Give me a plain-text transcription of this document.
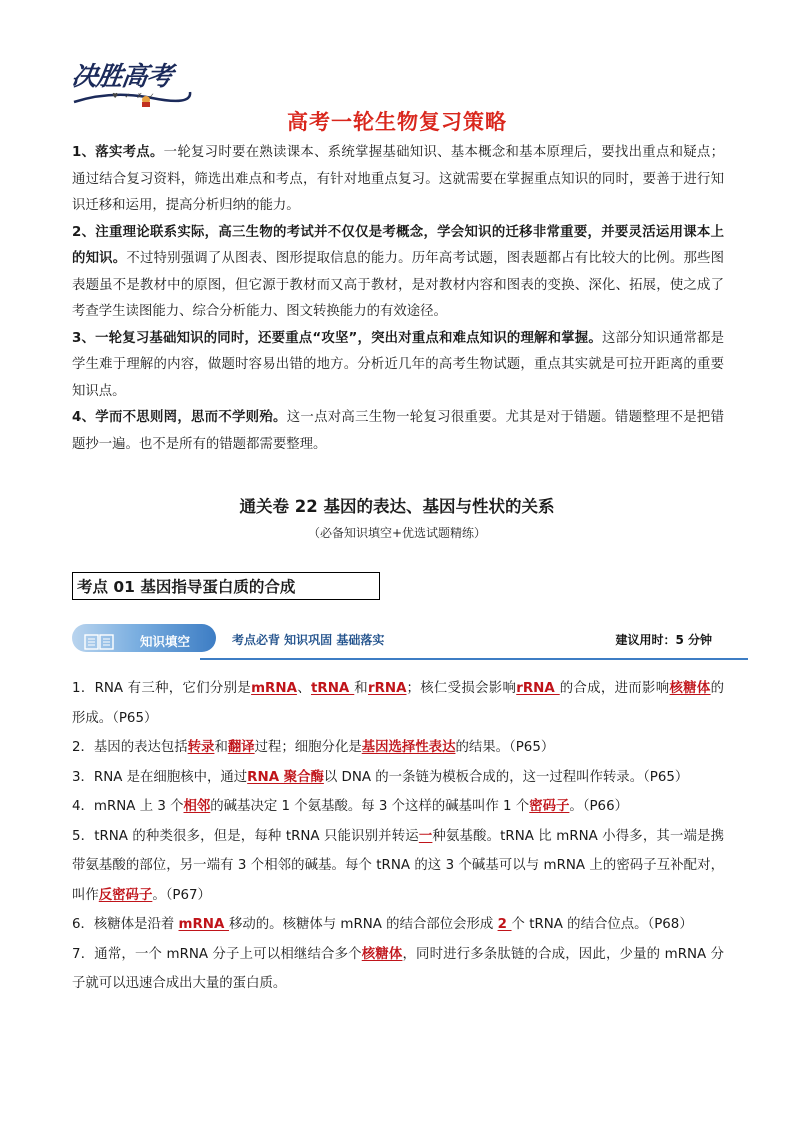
决胜高考
♥ ✓ ✗ ✓
高考一轮生物复习策略

1、落实考点。一轮复习时要在熟读课本、系统掌握基础知识、基本概念和基本原理后，要找出重点和疑点；通过结合复习资料，筛选出难点和考点，有针对地重点复习。这就需要在掌握重点知识的同时，要善于进行知识迁移和运用，提高分析归纳的能力。

2、注重理论联系实际，高三生物的考试并不仅仅是考概念，学会知识的迁移非常重要，并要灵活运用课本上的知识。不过特别强调了从图表、图形提取信息的能力。历年高考试题，图表题都占有比较大的比例。那些图表题虽不是教材中的原图，但它源于教材而又高于教材，是对教材内容和图表的变换、深化、拓展，使之成了考查学生读图能力、综合分析能力、图文转换能力的有效途径。

3、一轮复习基础知识的同时，还要重点“攻坚”，突出对重点和难点知识的理解和掌握。这部分知识通常都是学生难于理解的内容，做题时容易出错的地方。分析近几年的高考生物试题，重点其实就是可拉开距离的重要知识点。

4、学而不思则罔，思而不学则殆。这一点对高三生物一轮复习很重要。尤其是对于错题。错题整理不是把错题抄一遍。也不是所有的错题都需要整理。

通关卷 22 基因的表达、基因与性状的关系
（必备知识填空+优选试题精练）
考点 01 基因指导蛋白质的合成
知识填空	考点必背 知识巩固 基础落实	建议用时：5 分钟

1．RNA 有三种，它们分别是mRNA、tRNA 和rRNA；核仁受损会影响rRNA 的合成，进而影响核糖体的形成。（P65）

2．基因的表达包括转录和翻译过程；细胞分化是基因选择性表达的结果。（P65）

3．RNA 是在细胞核中，通过RNA 聚合酶以 DNA 的一条链为模板合成的，这一过程叫作转录。（P65）

4．mRNA 上 3 个相邻的碱基决定 1 个氨基酸。每 3 个这样的碱基叫作 1 个密码子。（P66）

5．tRNA 的种类很多，但是，每种 tRNA 只能识别并转运一种氨基酸。tRNA 比 mRNA 小得多，其一端是携带氨基酸的部位，另一端有 3 个相邻的碱基。每个 tRNA 的这 3 个碱基可以与 mRNA 上的密码子互补配对，叫作反密码子。（P67）

6．核糖体是沿着 mRNA 移动的。核糖体与 mRNA 的结合部位会形成 2 个 tRNA 的结合位点。（P68）

7．通常，一个 mRNA 分子上可以相继结合多个核糖体，同时进行多条肽链的合成，因此，少量的 mRNA 分子就可以迅速合成出大量的蛋白质。
